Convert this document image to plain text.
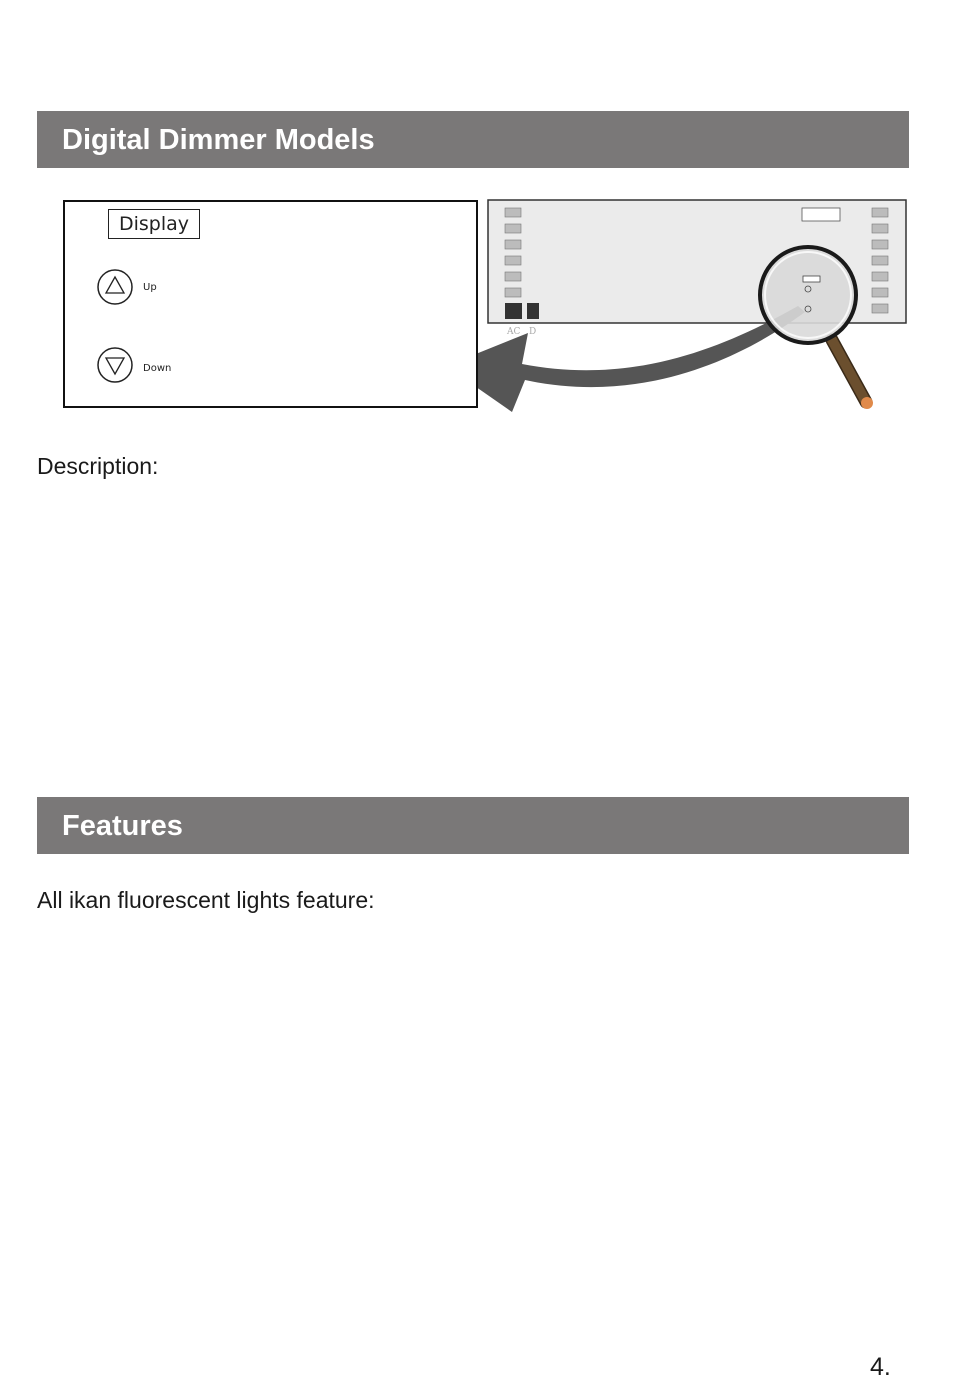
Digital Dimmer Models
AC D
Display
Up
Down
Description:
Features
All ikan fluorescent lights feature:
4.
